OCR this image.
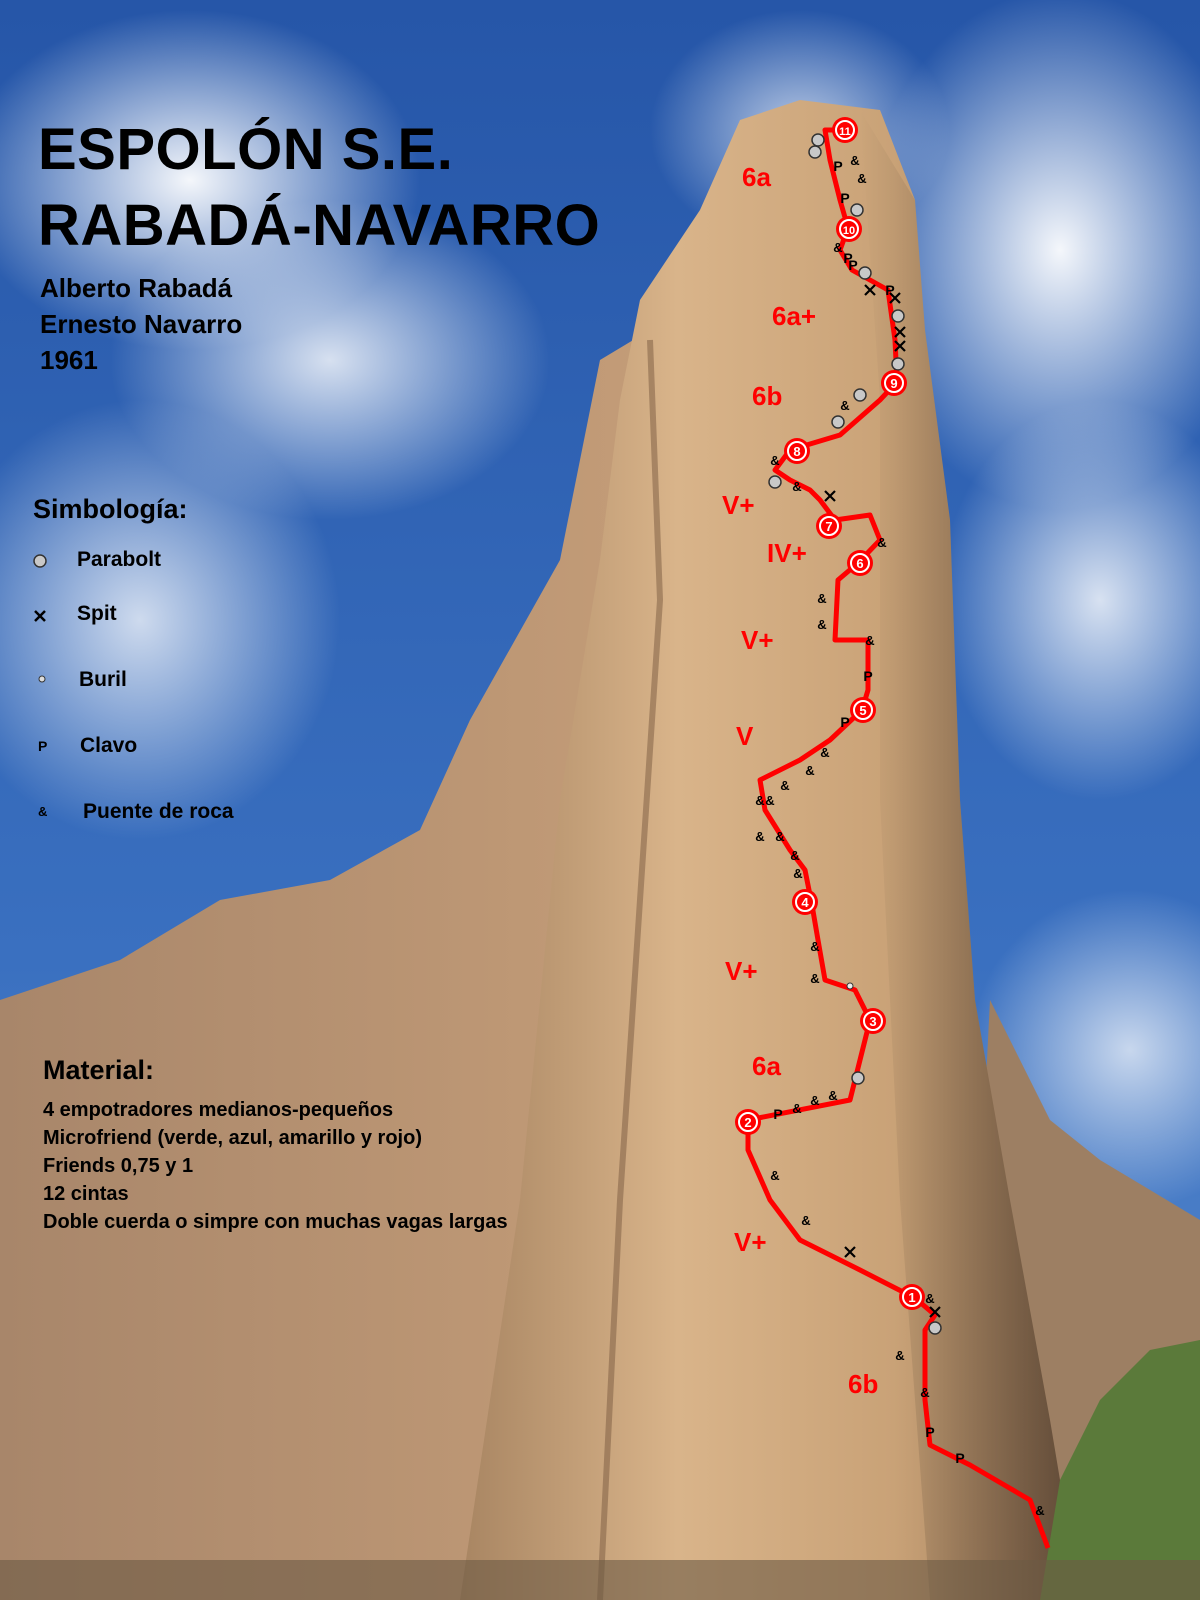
6b
V+
6a
V+
V
V+
IV+
V+
6b
6a+
6a
&
P
P
&
&
&
&
&
P &
& &
&
&
&
&
&
&
& &
&
&
&
P
P
&
&
&
&
&
&
&
P
P
P
&
P
&
&
P
1
2
3
4
5
6
7
8
9
10
11
ESPOLÓN S.E.
RABADÁ-NAVARRO
Alberto Rabadá
Ernesto Navarro
1961
Simbología:
Parabolt
Spit
Buril
P Clavo
& Puente de roca
Material:
4 empotradores medianos-pequeños
Microfriend (verde, azul, amarillo y rojo)
Friends 0,75 y 1
12 cintas
Doble cuerda o simpre con muchas vagas largas
